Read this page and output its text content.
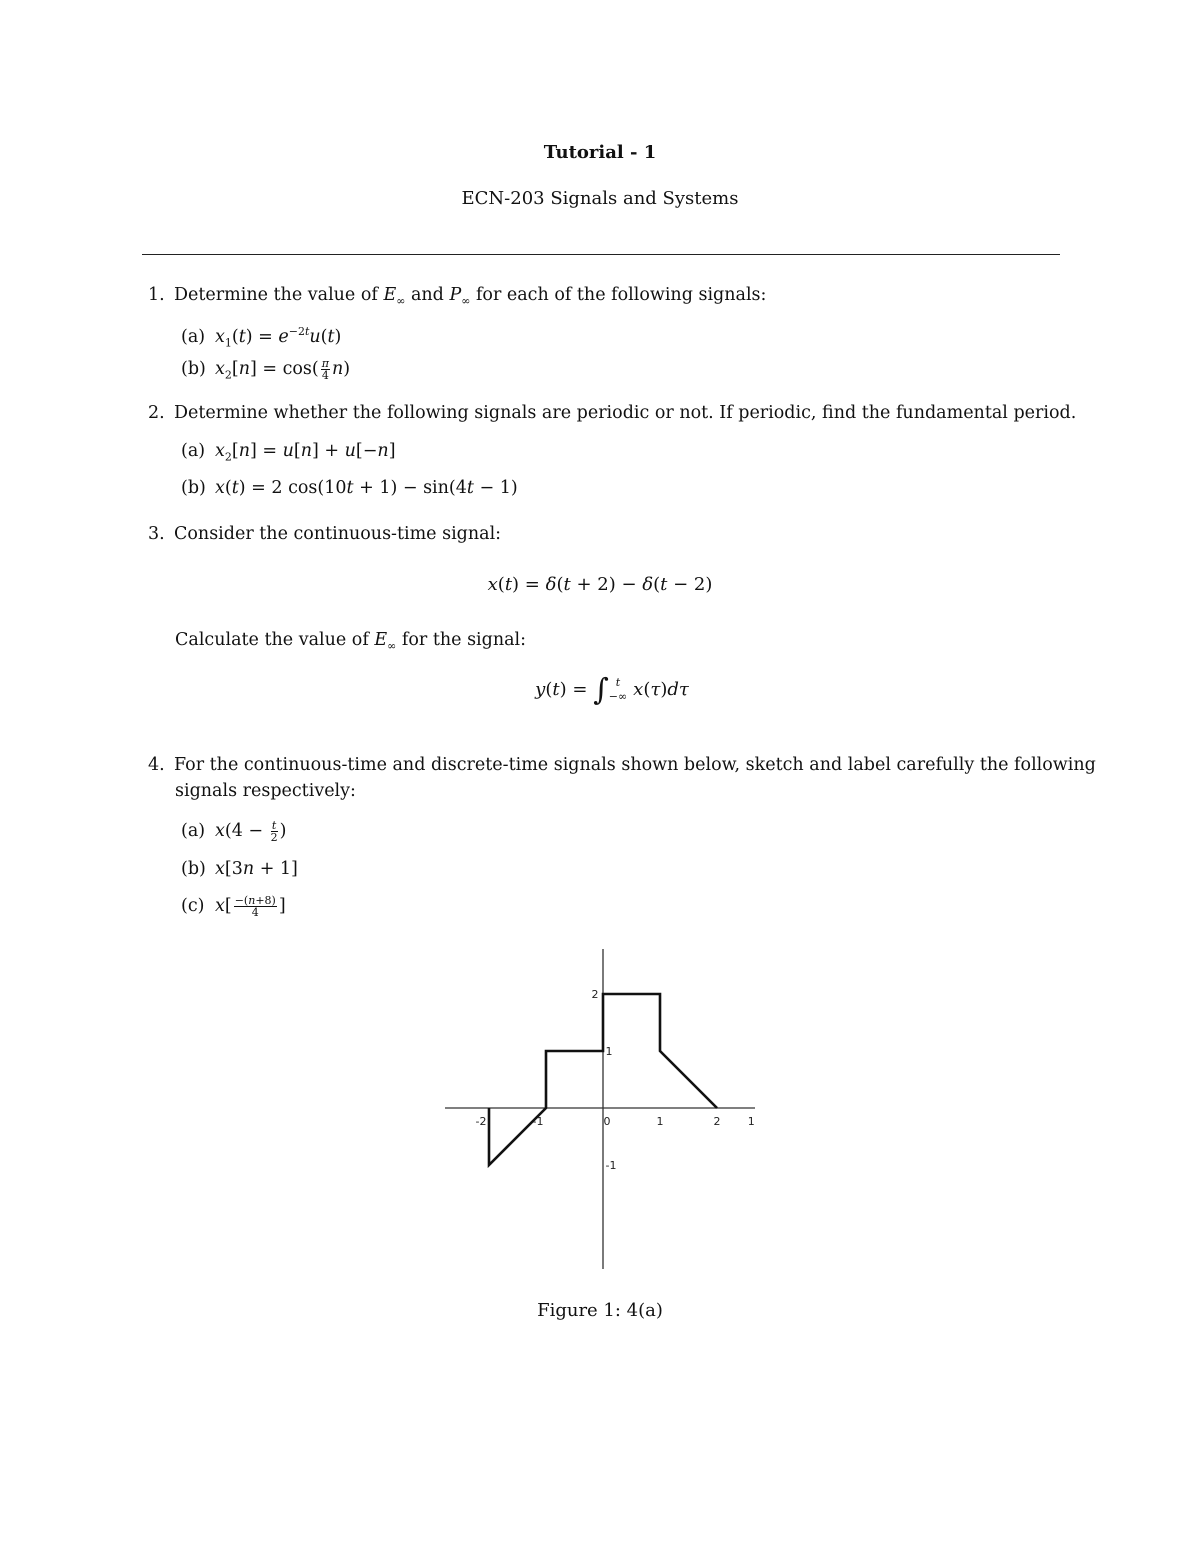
Tutorial - 1
ECN-203 Signals and Systems
1. Determine the value of $E_\infty$ and $P_\infty$ for each of the following signals:
(a) $x_1(t) = e^{-2t}u(t)$
(b) $x_2[n] = \cos( \frac{\pi}{4} n)$
2. Determine whether the following signals are periodic or not. If periodic, find the fundamental period.
(a) $x_2[n] = u[n] + u[-n]$
(b) x(t) = 2 cos(10t + 1) − sin(4t − 1)
3. Consider the continuous-time signal:
x(t) = δ(t + 2) − δ(t − 2)
Calculate the value of $E_\infty$ for the signal:
y(t) = ∫ t
−∞ x(τ)dτ
4. For the continuous-time and discrete-time signals shown below, sketch and label carefully the following
signals respectively:
(a) $x(4 - \frac{t}{2}$ )
(b) x[3n + 1]
(c) $x[ \frac{-(n+8)}{4}$ ]
-2	-1	0	1	2 1
2
1
-1
Figure 1: 4(a)
